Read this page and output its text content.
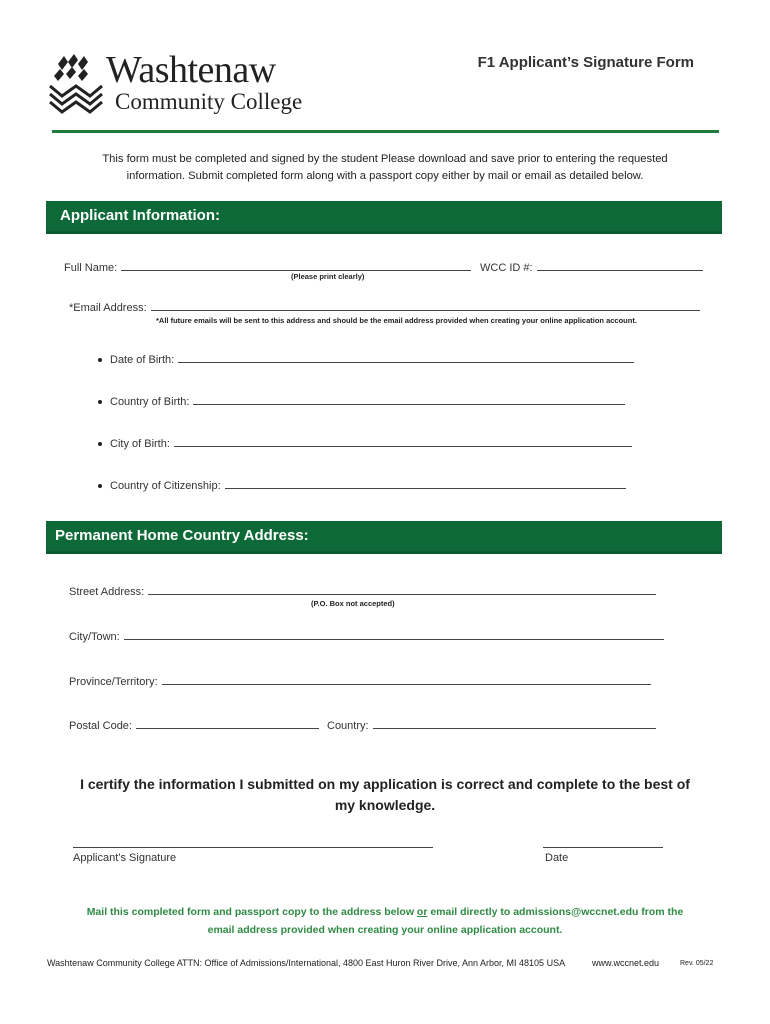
Washtenaw
Community College
F1 Applicant’s Signature Form
This form must be completed and signed by the student Please download and save prior to entering the requested
information. Submit completed form along with a passport copy either by mail or email as detailed below.
Applicant Information:
Full Name:
(Please print clearly)
WCC ID #:
*Email Address:
*All future emails will be sent to this address and should be the email address provided when creating your online application account.
Date of Birth:
Country of Birth:
City of Birth:
Country of Citizenship:
Permanent Home Country Address:
Street Address:
(P.O. Box not accepted)
City/Town:
Province/Territory:
Postal Code:	Country:
I certify the information I submitted on my application is correct and complete to the best of
my knowledge.
Applicant’s Signature	Date
Mail this completed form and passport copy to the address below or email directly to admissions@wccnet.edu from the
email address provided when creating your online application account.
Washtenaw Community College ATTN: Office of Admissions/International, 4800 East Huron River Drive, Ann Arbor, MI 48105 USA	www.wccnet.edu	Rev. 05/22
